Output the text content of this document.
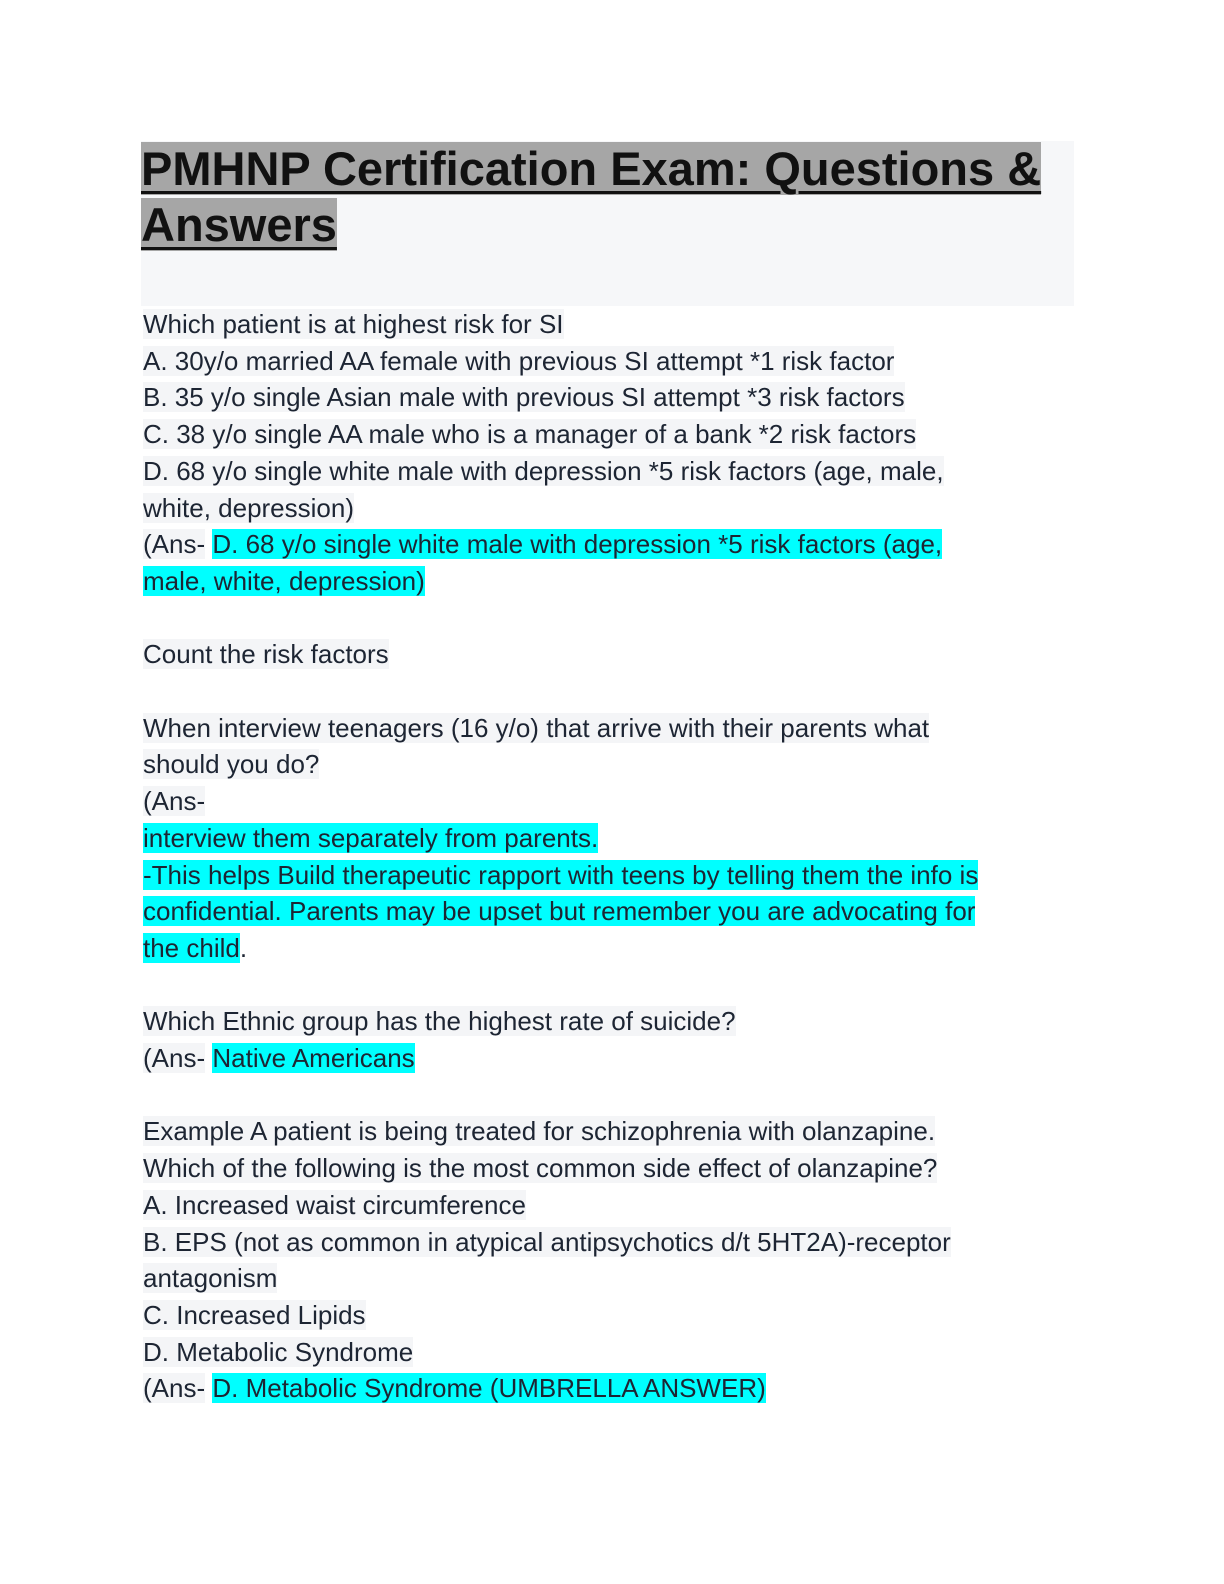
PMHNP Certification Exam: Questions &
Answers
Which patient is at highest risk for SI
A. 30y/o married AA female with previous SI attempt *1 risk factor
B. 35 y/o single Asian male with previous SI attempt *3 risk factors
C. 38 y/o single AA male who is a manager of a bank *2 risk factors
D. 68 y/o single white male with depression *5 risk factors (age, male,
white, depression)
(Ans- D. 68 y/o single white male with depression *5 risk factors (age,
male, white, depression)
Count the risk factors
When interview teenagers (16 y/o) that arrive with their parents what
should you do?
(Ans-
interview them separately from parents.
-This helps Build therapeutic rapport with teens by telling them the info is
confidential. Parents may be upset but remember you are advocating for
the child.
Which Ethnic group has the highest rate of suicide?
(Ans- Native Americans
Example A patient is being treated for schizophrenia with olanzapine.
Which of the following is the most common side effect of olanzapine?
A. Increased waist circumference
B. EPS (not as common in atypical antipsychotics d/t 5HT2A)-receptor
antagonism
C. Increased Lipids
D. Metabolic Syndrome
(Ans- D. Metabolic Syndrome (UMBRELLA ANSWER)
